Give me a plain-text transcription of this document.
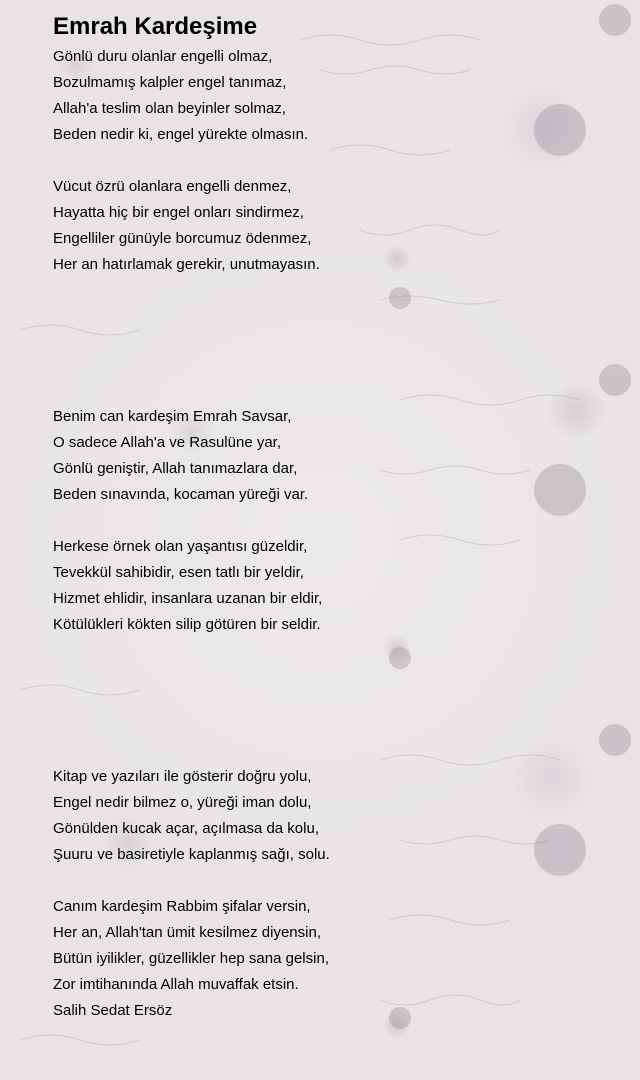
Emrah Kardeşime
Gönlü duru olanlar engelli olmaz,
Bozulmamış kalpler engel tanımaz,
Allah'a teslim olan beyinler solmaz,
Beden nedir ki, engel yürekte olmasın.
Vücut özrü olanlara engelli denmez,
Hayatta hiç bir engel onları sindirmez,
Engelliler günüyle borcumuz ödenmez,
Her an hatırlamak gerekir, unutmayasın.
Benim can kardeşim Emrah Savsar,
O sadece Allah'a ve Rasulüne yar,
Gönlü geniştir, Allah tanımazlara dar,
Beden sınavında, kocaman yüreği var.
Herkese örnek olan yaşantısı güzeldir,
Tevekkül sahibidir, esen tatlı bir yeldir,
Hizmet ehlidir, insanlara uzanan bir eldir,
Kötülükleri kökten silip götüren bir seldir.
Kitap ve yazıları ile gösterir doğru yolu,
Engel nedir bilmez o, yüreği iman dolu,
Gönülden kucak açar, açılmasa da kolu,
Şuuru ve basiretiyle kaplanmış sağı, solu.
Canım kardeşim Rabbim şifalar versin,
Her an, Allah'tan ümit kesilmez diyensin,
Bütün iyilikler, güzellikler hep sana gelsin,
Zor imtihanında Allah muvaffak etsin.
Salih Sedat Ersöz
